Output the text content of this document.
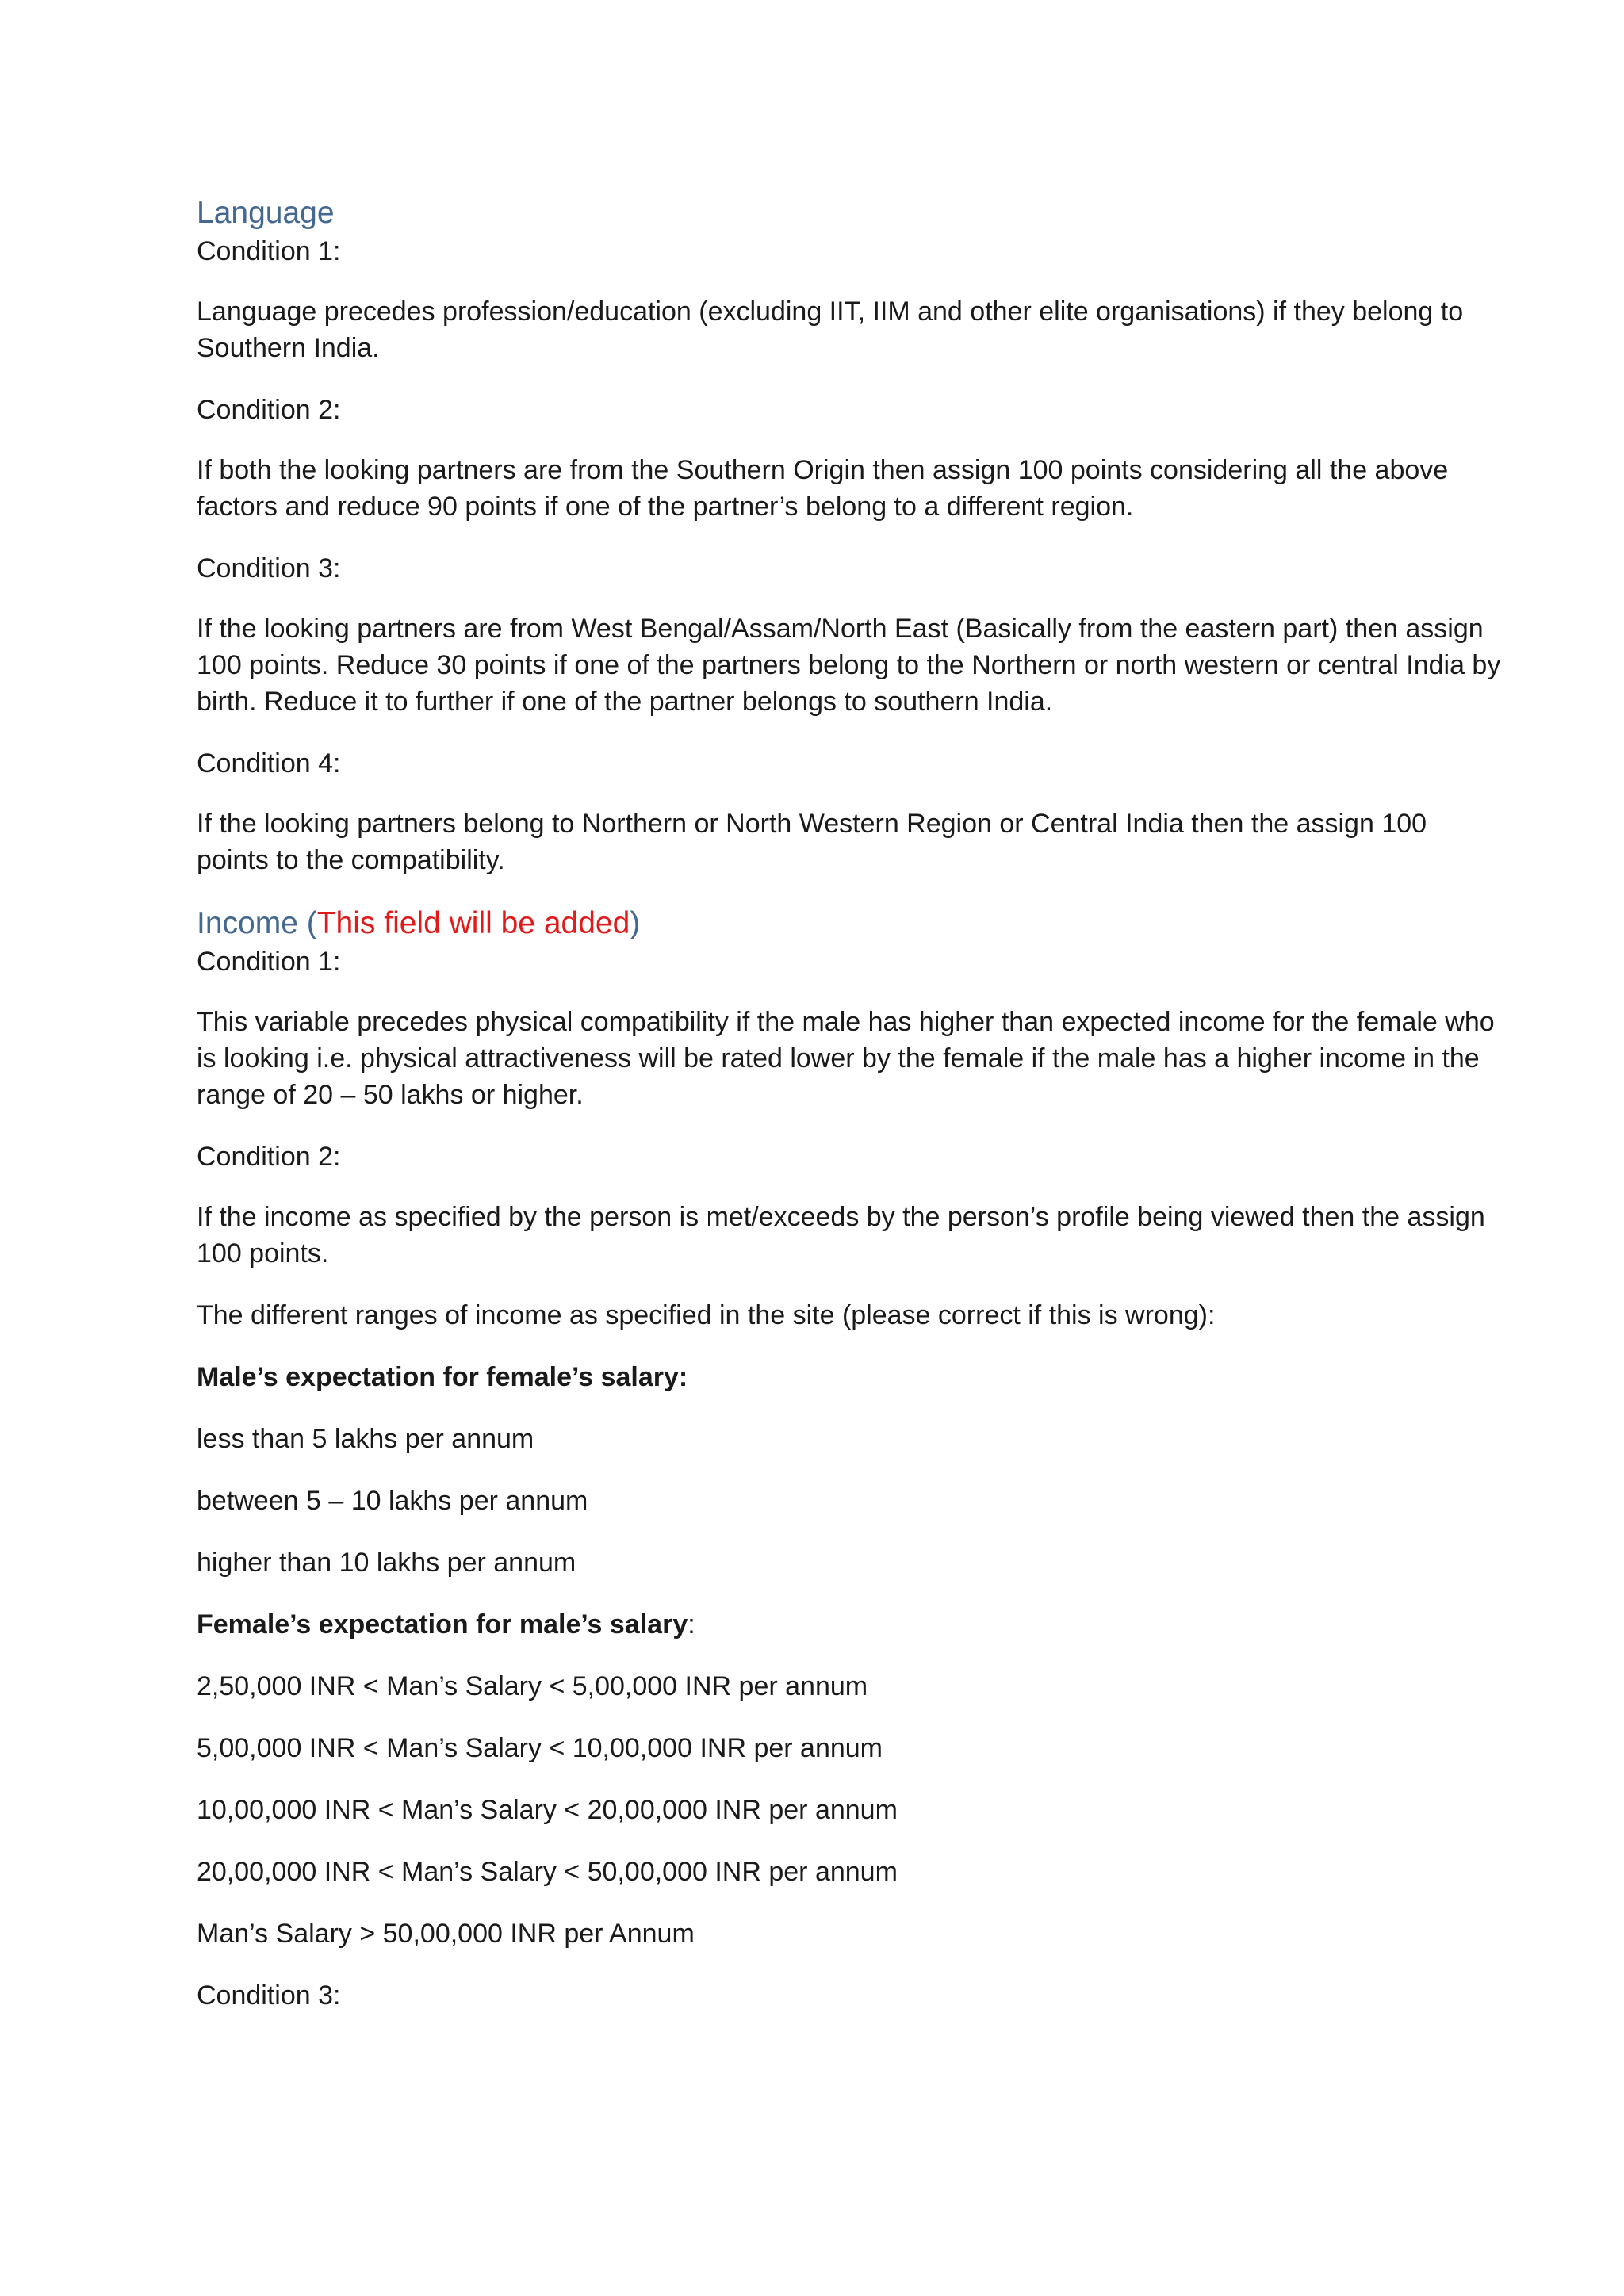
Language

Condition 1:

Language precedes profession/education (excluding IIT, IIM and other elite organisations) if they belong to Southern India.

Condition 2:

If both the looking partners are from the Southern Origin then assign 100 points considering all the above factors and reduce 90 points if one of the partner’s belong to a different region.

Condition 3:

If the looking partners are from West Bengal/Assam/North East (Basically from the eastern part) then assign 100 points. Reduce 30 points if one of the partners belong to the Northern or north western or central India by birth. Reduce it to further if one of the partner belongs to southern India.

Condition 4:

If the looking partners belong to Northern or North Western Region or Central India then the assign 100 points to the compatibility.

Income (This field will be added)

Condition 1:

This variable precedes physical compatibility if the male has higher than expected income for the female who is looking i.e. physical attractiveness will be rated lower by the female if the male has a higher income in the range of 20 – 50 lakhs or higher.

Condition 2:

If the income as specified by the person is met/exceeds by the person’s profile being viewed then the assign 100 points.

The different ranges of income as specified in the site (please correct if this is wrong):

Male’s expectation for female’s salary:

less than 5 lakhs per annum

between 5 – 10 lakhs per annum

higher than 10 lakhs per annum

Female’s expectation for male’s salary:

2,50,000 INR < Man’s Salary < 5,00,000 INR per annum

5,00,000 INR < Man’s Salary < 10,00,000 INR per annum

10,00,000 INR < Man’s Salary < 20,00,000 INR per annum

20,00,000 INR < Man’s Salary < 50,00,000 INR per annum

Man’s Salary > 50,00,000 INR per Annum

Condition 3:
